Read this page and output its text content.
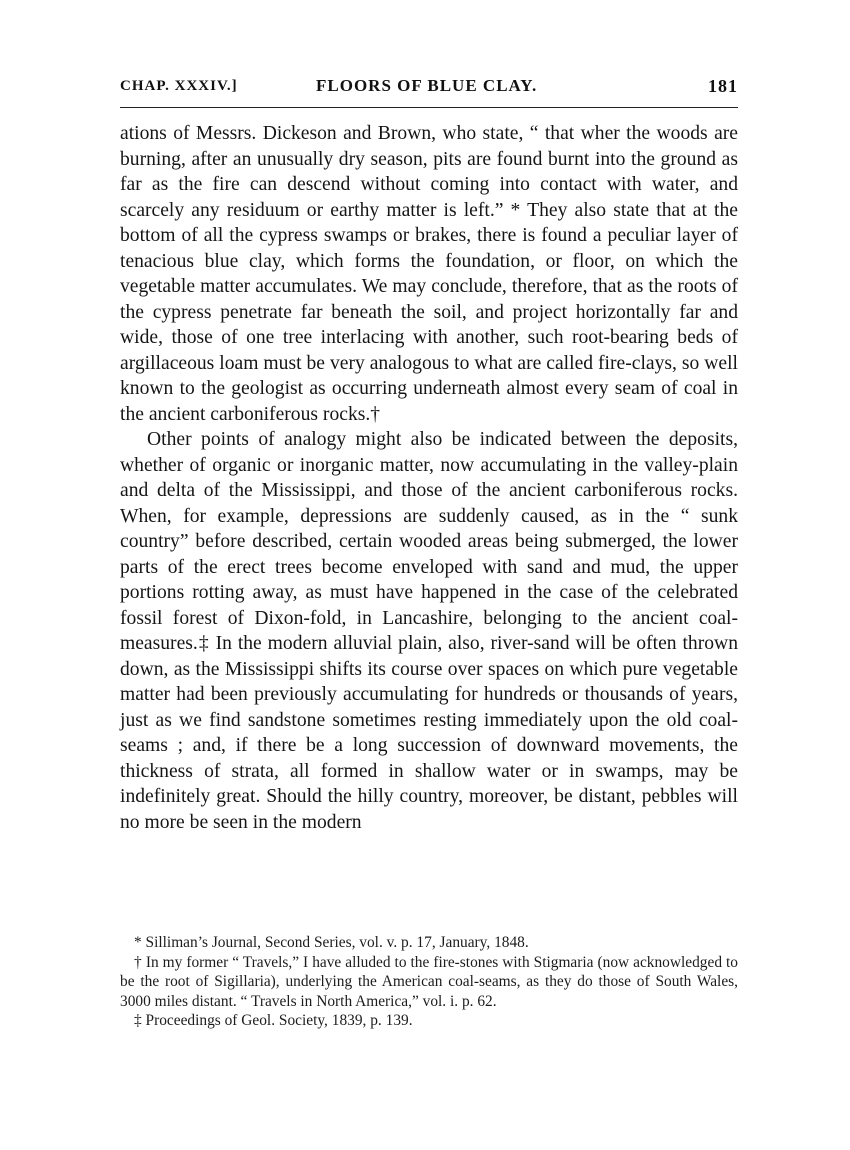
CHAP. XXXIV.]	FLOORS OF BLUE CLAY.	181

ations of Messrs. Dickeson and Brown, who state, “ that wher the woods are burning, after an unusually dry season, pits are found burnt into the ground as far as the fire can descend without coming into contact with water, and scarcely any residuum or earthy matter is left.” * They also state that at the bottom of all the cypress swamps or brakes, there is found a peculiar layer of tenacious blue clay, which forms the foundation, or floor, on which the vegetable matter accumulates. We may conclude, therefore, that as the roots of the cypress penetrate far beneath the soil, and project horizontally far and wide, those of one tree interlacing with another, such root-bearing beds of argillaceous loam must be very analogous to what are called fire-clays, so well known to the geologist as occurring underneath almost every seam of coal in the ancient carboniferous rocks.†

Other points of analogy might also be indicated between the deposits, whether of organic or inorganic matter, now accumulating in the valley-plain and delta of the Mississippi, and those of the ancient carboniferous rocks. When, for example, depressions are suddenly caused, as in the “ sunk country” before described, certain wooded areas being submerged, the lower parts of the erect trees become enveloped with sand and mud, the upper portions rotting away, as must have happened in the case of the celebrated fossil forest of Dixon-fold, in Lancashire, belonging to the ancient coal-measures.‡ In the modern alluvial plain, also, river-sand will be often thrown down, as the Mississippi shifts its course over spaces on which pure vegetable matter had been previously accumulating for hundreds or thousands of years, just as we find sandstone sometimes resting immediately upon the old coal-seams ; and, if there be a long succession of downward movements, the thickness of strata, all formed in shallow water or in swamps, may be indefinitely great. Should the hilly country, moreover, be distant, pebbles will no more be seen in the modern

* Silliman’s Journal, Second Series, vol. v. p. 17, January, 1848.

† In my former “ Travels,” I have alluded to the fire-stones with Stigmaria (now acknowledged to be the root of Sigillaria), underlying the American coal-seams, as they do those of South Wales, 3000 miles distant. “ Travels in North America,” vol. i. p. 62.

‡ Proceedings of Geol. Society, 1839, p. 139.
